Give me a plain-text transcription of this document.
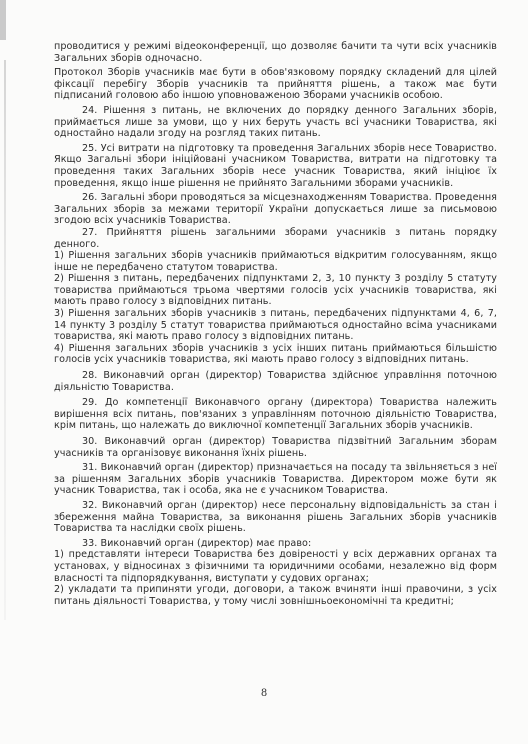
проводитися у режимі відеоконференції, що дозволяє бачити та чути всіх учасників Загальних зборів одночасно.

Протокол Зборів учасників має бути в обов'язковому порядку складений для цілей фіксації перебігу Зборів учасників та прийняття рішень, а також має бути підписаний головою або іншою уповноваженою Зборами учасників особою.

24. Рішення з питань, не включених до порядку денного Загальних зборів, приймається лише за умови, що у них беруть участь всі учасники Товариства, які одностайно надали згоду на розгляд таких питань.

25. Усі витрати на підготовку та проведення Загальних зборів несе Товариство. Якщо Загальні збори ініційовані учасником Товариства, витрати на підготовку та проведення таких Загальних зборів несе учасник Товариства, який ініціює їх проведення, якщо інше рішення не прийнято Загальними зборами учасників.

26. Загальні збори проводяться за місцезнаходженням Товариства. Проведення Загальних зборів за межами території України допускається лише за письмовою згодою всіх учасників Товариства.

27. Прийняття рішень загальними зборами учасників з питань порядку денного.

1) Рішення загальних зборів учасників приймаються відкритим голосуванням, якщо інше не передбачено статутом товариства.

2) Рішення з питань, передбачених підпунктами 2, 3, 10 пункту 3 розділу 5 статуту товариства приймаються трьома чвертями голосів усіх учасників товариства, які мають право голосу з відповідних питань.

3) Рішення загальних зборів учасників з питань, передбачених підпунктами 4, 6, 7, 14 пункту 3 розділу 5 статут товариства приймаються одностайно всіма учасниками товариства, які мають право голосу з відповідних питань.

4) Рішення загальних зборів учасників з усіх інших питань приймаються більшістю голосів усіх учасників товариства, які мають право голосу з відповідних питань.

28. Виконавчий орган (директор) Товариства здійснює управління поточною діяльністю Товариства.

29. До компетенції Виконавчого органу (директора) Товариства належить вирішення всіх питань, пов'язаних з управлінням поточною діяльністю Товариства, крім питань, що належать до виключної компетенції Загальних зборів учасників.

30. Виконавчий орган (директор) Товариства підзвітний Загальним зборам учасників та організовує виконання їхніх рішень.

31. Виконавчий орган (директор) призначається на посаду та звільняється з неї за рішенням Загальних зборів учасників Товариства. Директором може бути як учасник Товариства, так і особа, яка не є учасником Товариства.

32. Виконавчий орган (директор) несе персональну відповідальність за стан і збереження майна Товариства, за виконання рішень Загальних зборів учасників Товариства та наслідки своїх рішень.

33. Виконавчий орган (директор) має право:

1) представляти інтереси Товариства без довіреності у всіх державних органах та установах, у відносинах з фізичними та юридичними особами, незалежно від форм власності та підпорядкування, виступати у судових органах;

2) укладати та припиняти угоди, договори, а також вчиняти інші правочини, з усіх питань діяльності Товариства, у тому числі зовнішньоекономічні та кредитні;

8
